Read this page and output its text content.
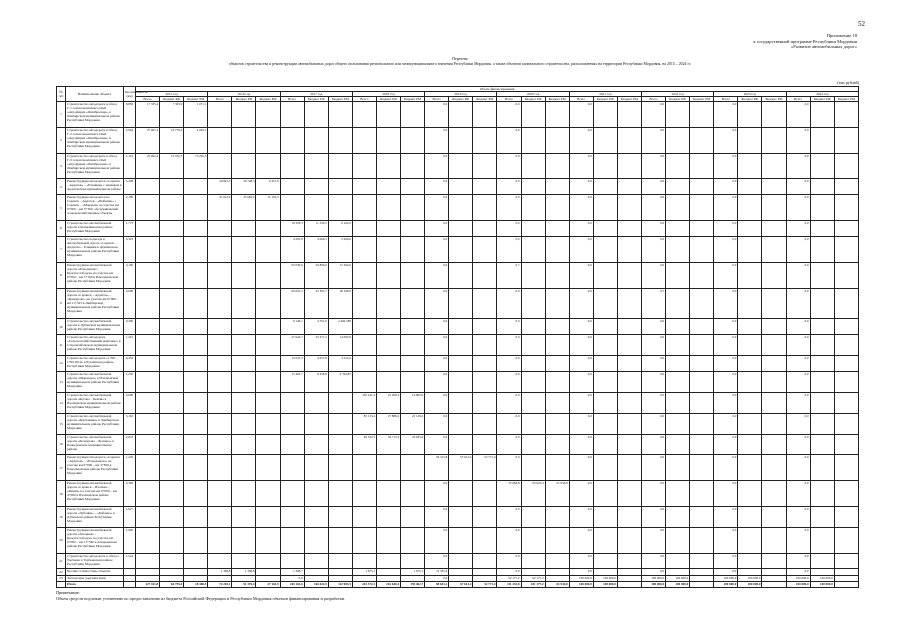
52
Приложение 18
к государственной программе Республики Мордовия
«Развитие автомобильных дорог»
Перечень
объектов строительства и реконструкции автомобильных дорог общего пользования регионального или межмуниципального значения Республики Мордовия, а также объектов капитального строительства, расположенных на территории Республики Мордовия, на 2015 – 2024 гг.
(тыс.рублей)
№ п/п	Наименование объекта	Протяжённость (км)	Объем финансирования																													
			2015 год			2016 год			2017 год			2018 год			2019 год			2020 год			2021 год			2022 год			2023 год			2024 год		
			Всего	Бюджет РФ	Бюджет РМ	Всего	Бюджет РФ	Бюджет РМ	Всего	Бюджет РФ	Бюджет РМ	Всего	Бюджет РФ	Бюджет РМ	Всего	Бюджет РФ	Бюджет РМ	Всего	Бюджет РФ	Бюджет РМ	Всего	Бюджет РФ	Бюджет РМ	Всего	Бюджет РФ	Бюджет РМ	Всего	Бюджет РФ	Бюджет РМ	Всего	Бюджет РФ	Бюджет РМ
1	Строительство автодороги в обход Г-1 сельхозкомплекса ОАО «Агрофирма «Октябрьская», в Лямбирском муниципальном районе Республики Мордовия	0,850	17 335,4	7 303,9	1 071,1										0,0			0,0			0,0			0,0			0,0			0,0		
2	Строительство автодороги в обход Г-2 сельхозкомплекса ОАО «Агрофирма «Октябрьская», в Лямбирском муниципальном районе Республики Мордовия	2,994	27 061,3	16 776,6	4 002,1										0,0			0,0			0,0			0,0			0,0			0,0		
3	Строительство автодороги в обход Г-3 сельхозкомплекса ОАО «Агрофирма «Октябрьская», в Лямбирском муниципальном районе Республики Мордовия	1,191	25 092,2	15 032,3	13 295,3										0,0			0,0			0,0			0,0			0,0			0,0		
4	Реконструкция автодороги «Саранск – Ардатов» – «Ельники» с Акшевом в Ардатовском муниципальном районе	5,208				30 822,3	20 748,3	6 457,6							0,0			0,0			0,0			0,0			0,0			0,0		
5	Реконструкция автодороги на Саранск – Ардатов – «Рыбкино» с Саранск – «Макаров» на участке км 0+000 – км 3+300, обслуживающей сельскохозяйственные объекты	2,190				41 012,0	25 682,2	15 181,3							0,0			0,0			0,0			0,0			0,0			0,0		
6	Строительство автомобильной дороги в Ковылкинском районе Республики Мордовия	1,775							18 318,3	11 236,3	6 162,0				0,0			0,0			0,0			0,0			0,0			0,0		
7	Строительство подъезда к автомобильной дороге «Саранск – Ардатов» – Ельники в Атяшевском муниципальном районе Республики Мордовия	0,323							4 291,8	4 066,3	2 266,6				0,0			0,0			0,0			0,0			0,0			0,0		
8	Реконструкция автомобильной дороги «Ромоданово – Краснослободск» на участке км 0+000 – км 3+100 в Ромодановском районе Республики Мордовия	3,160							65 039,6	29 806,9	15 364,9				0,0			0,7			0,0			0,0			0,0			0,0		
9	Реконструкция автомобильной дороги «Саранск – Ардатов» – «Кочкурово» на участке км 0+000 – км 11+325 в Лямбирском муниципальном районе Республики Мордовия	4,000							96 091,3	45 391,7	36 189,9				0,0			0,0			0,0			0,7			0,0			0,0		
10	Строительство автомобильной дороги в Дубенском муниципальном районе Республики Мордовия	0,390							9 146,1	4 761,9	2 466,188				0,0			0,0			0,0			0,0			0,0			0,0		
11	Строительство автодороги «Сельскохозяйственный комплекс» в Старошайговском муниципальном районе Республики Мордовия	1,201							27 644,7	25 271,3	14 092,8				0,0			0,0			0,0			0,0			0,0			0,0		
12	Строительство автодороги «1798 – 1799 2010» в Рузаевском районе Республики Мордовия	0,450							15 047,3	4 657,8	3 522,6				0,0			0,0			0,0			0,0			0,0			0,0		
13	Строительство автомобильной дороги «Шарапово» в Ичалковском муниципальном районе Республики Мордовия	1,250							15 462,7	8 458,8	2 762,85				0,0			0,0			0,0			0,0			0,0			0,0		
14	Строительство автомобильной дороги «Котово – Кемля» в Ичалковском муниципальном районе Республики Мордовия	4,000										105 241,4	25 208,3	14 962,9	0,0			0,0			0,0			0,0			0,0			0,0		
15	Строительство автомобильной дороги «Берсеневка» в Лямбирском муниципальном районе Республики Мордовия	3,162										85 133,4	27 888,2	22 128,2	0,0			0,0			0,0			0,0			0,0			0,0		
16	Строительство автомобильной дороги «Кочкурово – Булаево» в Кочкуровском муниципальном районе	2,010										49 322,5	34 713,3	23 935,4	0,0			0,0			0,0			0,0			0,0			0,0		
17	Реконструкция автодороги «Саранск – Ардатов» – «Ромоданово» на участке км 0+000 – км 3+820 в Ромодановском районе Республики Мордовия	1,220													56 315,8	55 612,2	52 771,4	0,0			0,0			0,0			0,0			0,0		
18	Реконструкция автомобильной дороги «Саранск – Ичалки» – «Кемля» на участке км 0+000 – км 4+000 в Ичалковском районе Республики Мордовия	4,300													0,0			35 084,8	65 023,4	61 934,8	0,0			0,0			0,0			0,0		
19	Реконструкция автомобильной дороги «Дубенки» – «Кабаево» в Дубенском районе Республики Мордовия	1,627													0,0			0,0			0,0			0,0			0,0			0,0		
20	Реконструкция автомобильной дороги «Атюрьево – Краснослободск» на участке км 0+000 – км 11+340 в Атюрьевском районе Республики Мордовия	1,900													0,0			0,0			0,0			0,0			0,0			0,0		
21	Строительство автодороги в обход г. Торбеево в Торбеевском районе Республики Мордовия	1,524													0,0			0,0			0,0			0,0			0,0			0,0		
22	Прочие стоимостные объекты					1 368,8	1 368,8		1 368,7			1 675,1		1 675,1	12 335,4			0,0			0,0			0,0			0,0			0,0		
23	Экспертизы документации								0,0						0,0			62 177,2	62 177,2		100 000,0	100 000,0		100 000,0	100 000,0		100 000,0	100 000,0		100 000,0	100 000,0	
	Итого		127 351,8	64 755,4	18 368,5	72 210,1	51 376,4	27 163,9	240 162,6	166 022,9	112 983,5	241 372,3	216 640,4	159 462,7	68 651,2	67 612,2	52 771,4	111 232,8	101 177,2	61 934,8	100 000,0	100 000,0		100 000,0	100 000,0		100 000,0	100 000,0		100 000,0	100 000,0	
Примечание:
Объем средств подлежит уточнению по предоставлению из бюджета Российской Федерации и Республики Мордовия объемов финансирования и разработки.
